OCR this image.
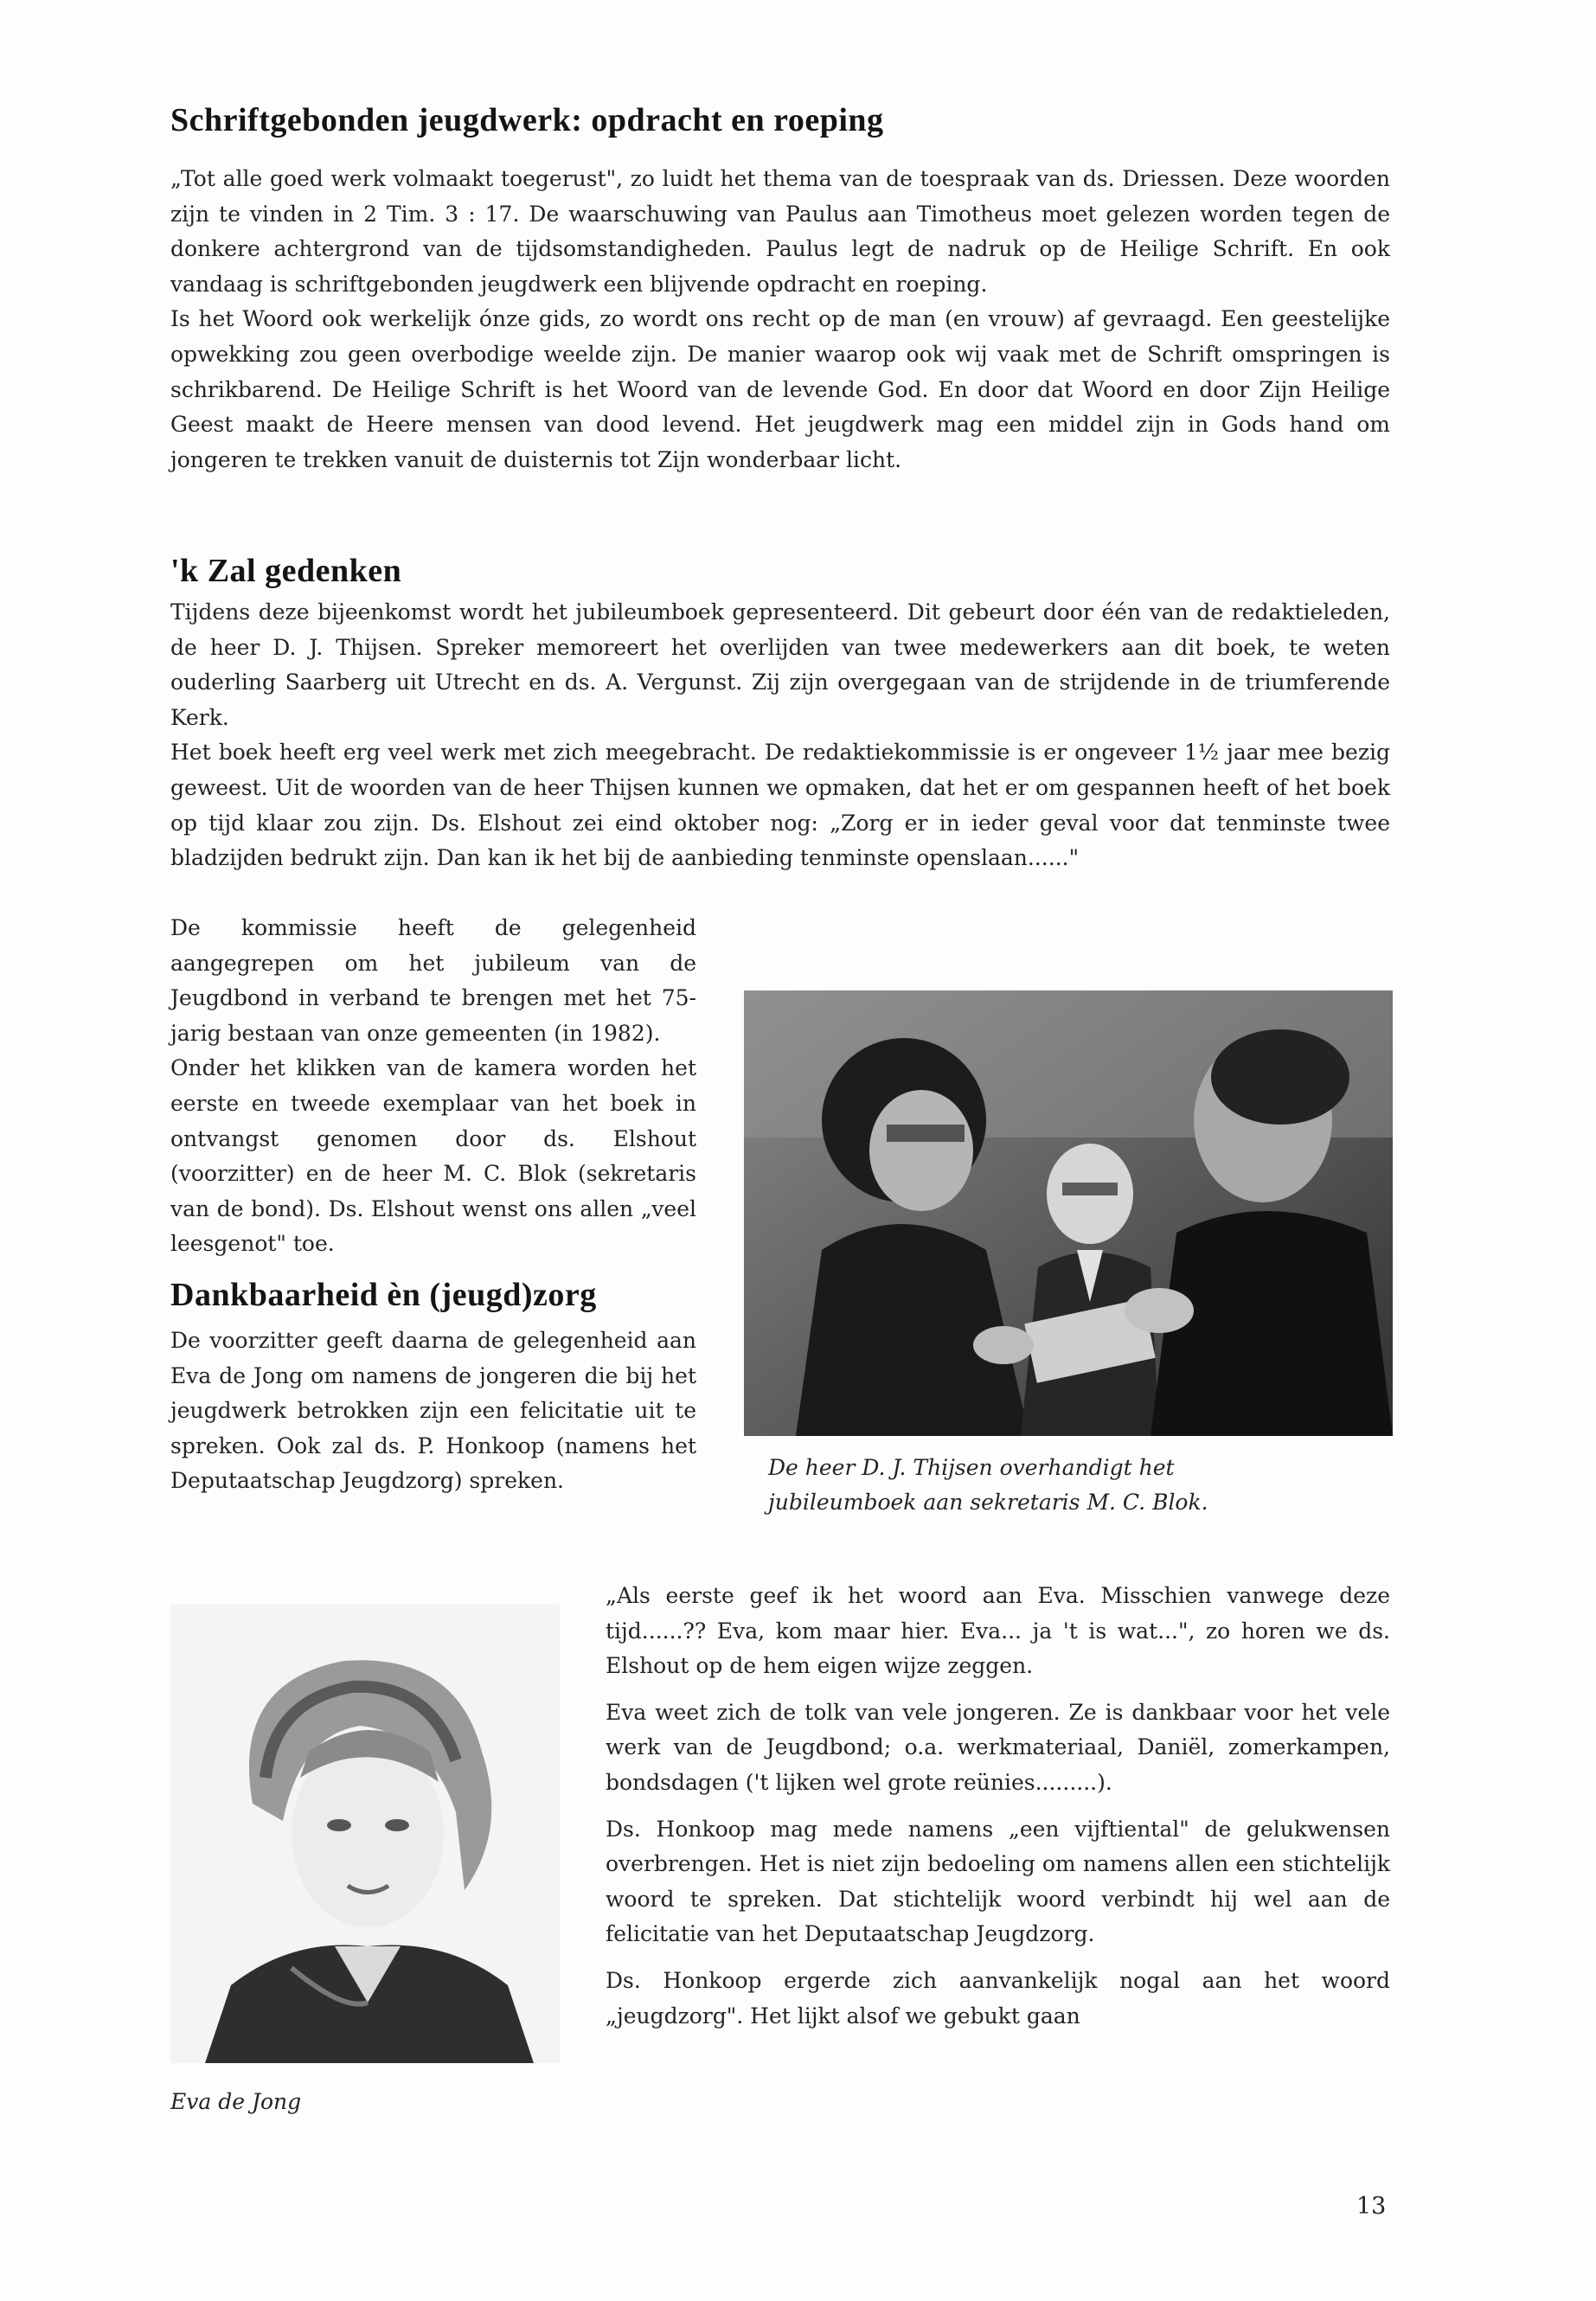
Schriftgebonden jeugdwerk: opdracht en roeping

„Tot alle goed werk volmaakt toegerust", zo luidt het thema van de toespraak van ds. Driessen. Deze woorden zijn te vinden in 2 Tim. 3 : 17. De waarschuwing van Paulus aan Timotheus moet gelezen worden tegen de donkere achtergrond van de tijdsomstandigheden. Paulus legt de nadruk op de Heilige Schrift. En ook vandaag is schriftgebonden jeugdwerk een blijvende opdracht en roeping.

Is het Woord ook werkelijk ónze gids, zo wordt ons recht op de man (en vrouw) af gevraagd. Een geestelijke opwekking zou geen overbodige weelde zijn. De manier waarop ook wij vaak met de Schrift omspringen is schrikbarend. De Heilige Schrift is het Woord van de levende God. En door dat Woord en door Zijn Heilige Geest maakt de Heere mensen van dood levend. Het jeugdwerk mag een middel zijn in Gods hand om jongeren te trekken vanuit de duisternis tot Zijn wonderbaar licht.

'k Zal gedenken

Tijdens deze bijeenkomst wordt het jubileumboek gepresenteerd. Dit gebeurt door één van de redaktieleden, de heer D. J. Thijsen. Spreker memoreert het overlijden van twee medewerkers aan dit boek, te weten ouderling Saarberg uit Utrecht en ds. A. Vergunst. Zij zijn overgegaan van de strijdende in de triumferende Kerk.

Het boek heeft erg veel werk met zich meegebracht. De redaktiekommissie is er ongeveer 1½ jaar mee bezig geweest. Uit de woorden van de heer Thijsen kunnen we opmaken, dat het er om gespannen heeft of het boek op tijd klaar zou zijn. Ds. Elshout zei eind oktober nog: „Zorg er in ieder geval voor dat tenminste twee bladzijden bedrukt zijn. Dan kan ik het bij de aanbieding tenminste openslaan......"

De kommissie heeft de gelegenheid aangegrepen om het jubileum van de Jeugdbond in verband te brengen met het 75-jarig bestaan van onze gemeenten (in 1982).

Onder het klikken van de kamera worden het eerste en tweede exemplaar van het boek in ontvangst genomen door ds. Elshout (voorzitter) en de heer M. C. Blok (sekretaris van de bond). Ds. Elshout wenst ons allen „veel leesgenot" toe.

De heer D. J. Thijsen overhandigt het
jubileumboek aan sekretaris M. C. Blok.
Dankbaarheid èn (jeugd)zorg

De voorzitter geeft daarna de gelegenheid aan Eva de Jong om namens de jongeren die bij het jeugdwerk betrokken zijn een felicitatie uit te spreken. Ook zal ds. P. Honkoop (namens het Deputaatschap Jeugdzorg) spreken.

Eva de Jong

„Als eerste geef ik het woord aan Eva. Misschien vanwege deze tijd......?? Eva, kom maar hier. Eva... ja 't is wat...", zo horen we ds. Elshout op de hem eigen wijze zeggen.

Eva weet zich de tolk van vele jongeren. Ze is dankbaar voor het vele werk van de Jeugdbond; o.a. werkmateriaal, Daniël, zomerkampen, bondsdagen ('t lijken wel grote reünies.........).

Ds. Honkoop mag mede namens „een vijftiental" de gelukwensen overbrengen. Het is niet zijn bedoeling om namens allen een stichtelijk woord te spreken. Dat stichtelijk woord verbindt hij wel aan de felicitatie van het Deputaatschap Jeugdzorg.

Ds. Honkoop ergerde zich aanvankelijk nogal aan het woord „jeugdzorg". Het lijkt alsof we gebukt gaan

13
